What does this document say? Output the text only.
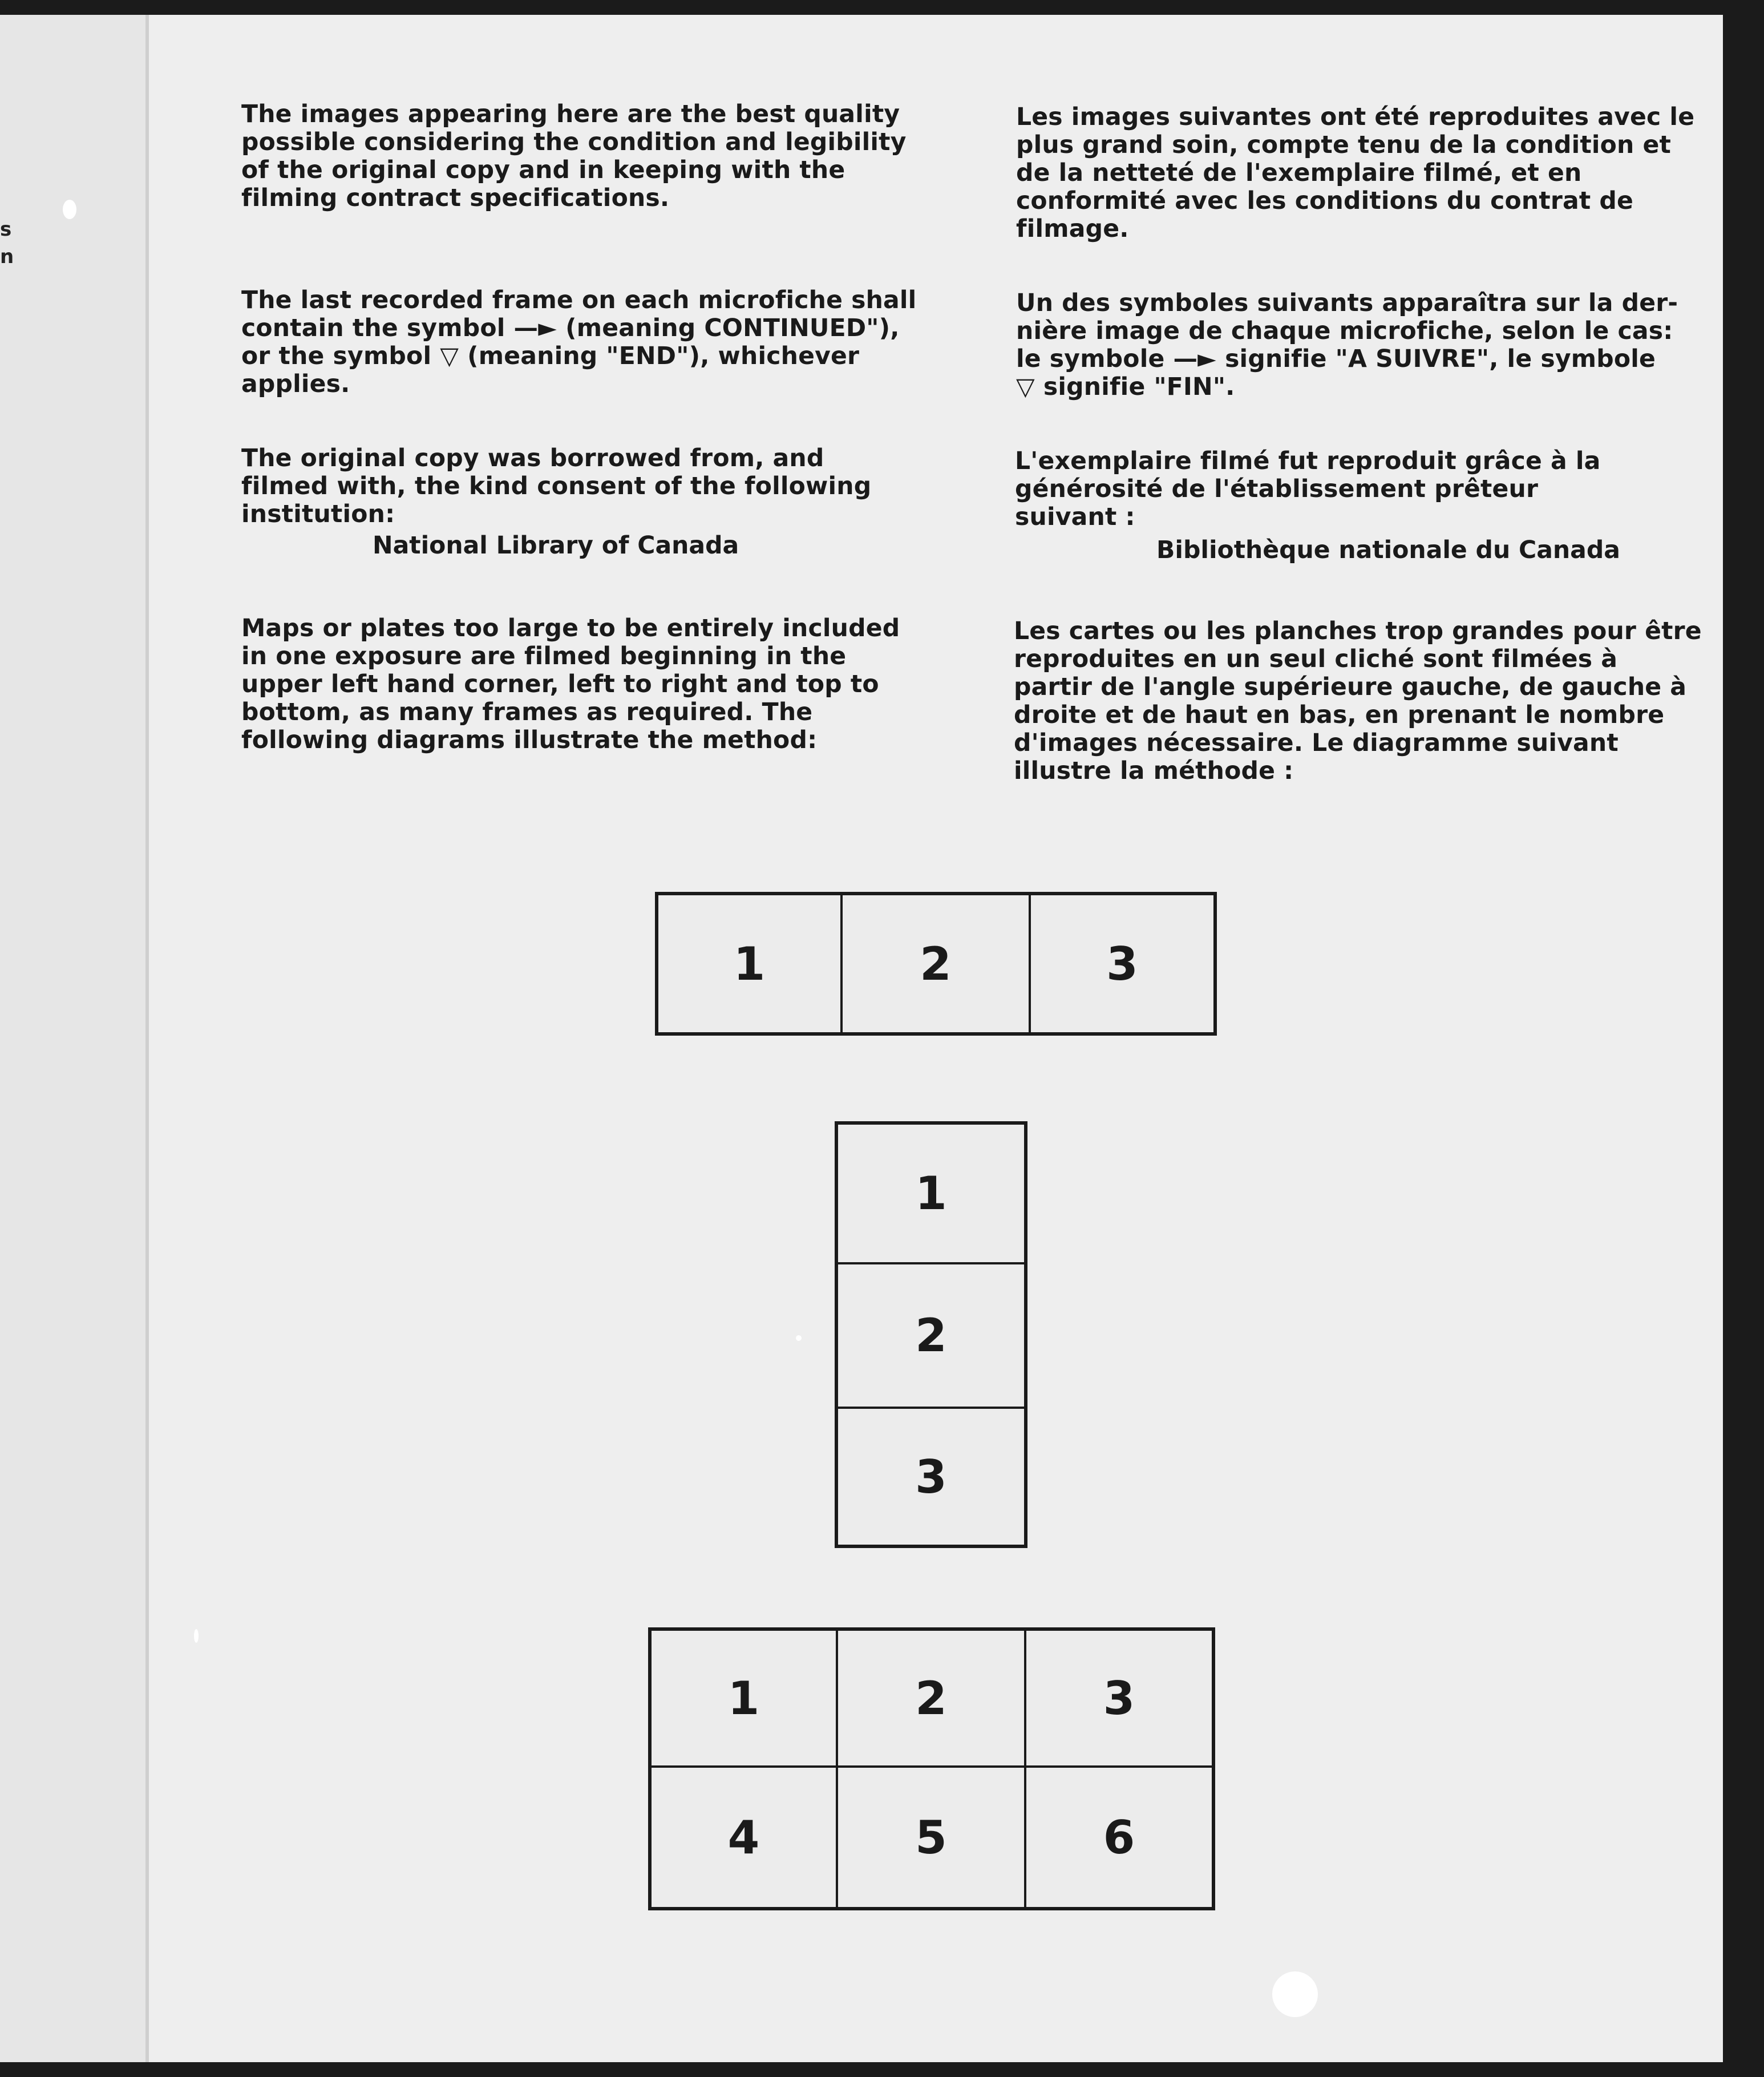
s
n

The images appearing here are the best quality
possible considering the condition and legibility
of the original copy and in keeping with the
filming contract specifications.

The last recorded frame on each microfiche shall
contain the symbol —► (meaning CONTINUED"),
or the symbol ▽ (meaning "END"), whichever
applies.

The original copy was borrowed from, and
filmed with, the kind consent of the following
institution:

National Library of Canada

Maps or plates too large to be entirely included
in one exposure are filmed beginning in the
upper left hand corner, left to right and top to
bottom, as many frames as required. The
following diagrams illustrate the method:

Les images suivantes ont été reproduites avec le
plus grand soin, compte tenu de la condition et
de la netteté de l'exemplaire filmé, et en
conformité avec les conditions du contrat de
filmage.

Un des symboles suivants apparaîtra sur la der-
nière image de chaque microfiche, selon le cas:
le symbole —► signifie "A SUIVRE", le symbole
▽ signifie "FIN".

L'exemplaire filmé fut reproduit grâce à la
générosité de l'établissement prêteur
suivant :

Bibliothèque nationale du Canada

Les cartes ou les planches trop grandes pour être
reproduites en un seul cliché sont filmées à
partir de l'angle supérieure gauche, de gauche à
droite et de haut en bas, en prenant le nombre
d'images nécessaire. Le diagramme suivant
illustre la méthode :

1	2	3
1
2
3
1	2	3
4	5	6
